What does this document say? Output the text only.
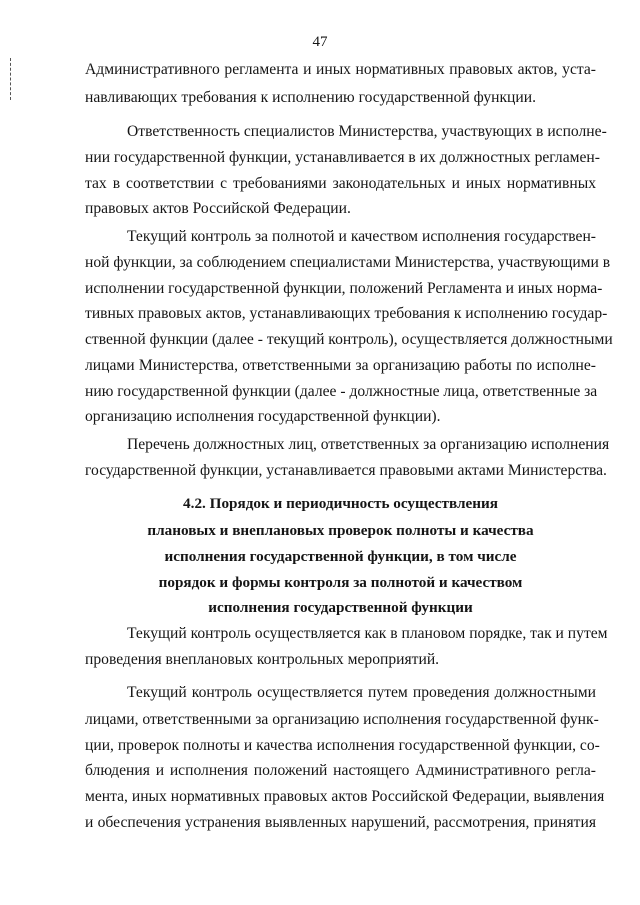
47
Административного регламента и иных нормативных правовых актов, уста-
навливающих требования к исполнению государственной функции.
Ответственность специалистов Министерства, участвующих в исполне-
нии государственной функции, устанавливается в их должностных регламен-
тах в соответствии с требованиями законодательных и иных нормативных
правовых актов Российской Федерации.
Текущий контроль за полнотой и качеством исполнения государствен-
ной функции, за соблюдением специалистами Министерства, участвующими в
исполнении государственной функции, положений Регламента и иных норма-
тивных правовых актов, устанавливающих требования к исполнению государ-
ственной функции (далее - текущий контроль), осуществляется должностными
лицами Министерства, ответственными за организацию работы по исполне-
нию государственной функции (далее - должностные лица, ответственные за
организацию исполнения государственной функции).
Перечень должностных лиц, ответственных за организацию исполнения
государственной функции, устанавливается правовыми актами Министерства.
4.2. Порядок и периодичность осуществления
плановых и внеплановых проверок полноты и качества
исполнения государственной функции, в том числе
порядок и формы контроля за полнотой и качеством
исполнения государственной функции
Текущий контроль осуществляется как в плановом порядке, так и путем
проведения внеплановых контрольных мероприятий.
Текущий контроль осуществляется путем проведения должностными
лицами, ответственными за организацию исполнения государственной функ-
ции, проверок полноты и качества исполнения государственной функции, со-
блюдения и исполнения положений настоящего Административного регла-
мента, иных нормативных правовых актов Российской Федерации, выявления
и обеспечения устранения выявленных нарушений, рассмотрения, принятия
